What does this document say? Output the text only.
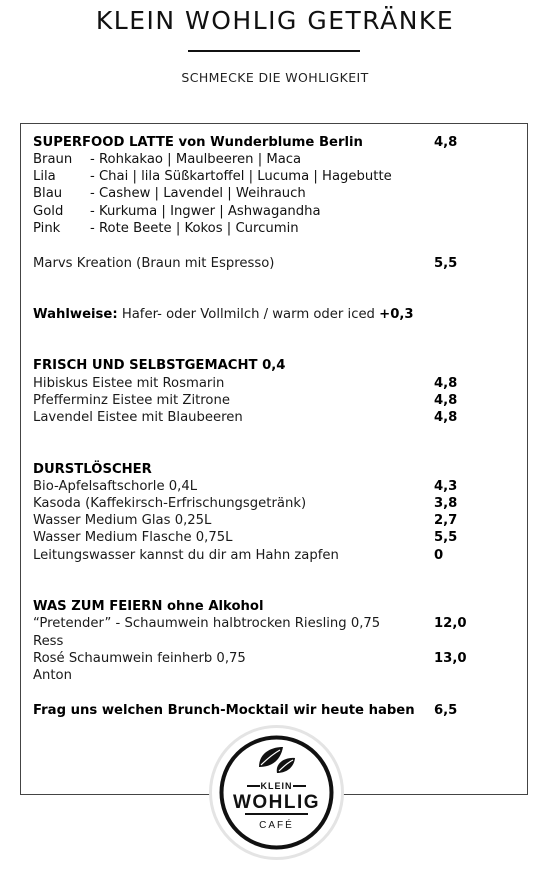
KLEIN WOHLIG GETRÄNKE
SCHMECKE DIE WOHLIGKEIT
SUPERFOOD LATTE von Wunderblume Berlin	4,8
Braun - Rohkakao | Maulbeeren | Maca
Lila	- Chai | lila Süßkartoffel | Lucuma | Hagebutte
Blau - Cashew | Lavendel | Weihrauch
Gold - Kurkuma | Ingwer | Ashwagandha
Pink - Rote Beete | Kokos | Curcumin
Marvs Kreation (Braun mit Espresso)	5,5
Wahlweise: Hafer- oder Vollmilch / warm oder iced +0,3
FRISCH UND SELBSTGEMACHT 0,4
Hibiskus Eistee mit Rosmarin	4,8
Pfefferminz Eistee mit Zitrone	4,8
Lavendel Eistee mit Blaubeeren	4,8
DURSTLÖSCHER
Bio-Apfelsaftschorle 0,4L	4,3
Kasoda (Kaffekirsch-Erfrischungsgetränk)	3,8
Wasser Medium Glas 0,25L	2,7
Wasser Medium Flasche 0,75L	5,5
Leitungswasser kannst du dir am Hahn zapfen	0
WAS ZUM FEIERN ohne Alkohol
“Pretender” - Schaumwein halbtrocken Riesling 0,75	12,0
Ress
Rosé Schaumwein feinherb 0,75	13,0
Anton
Frag uns welchen Brunch-Mocktail wir heute haben 6,5
KLEIN
WOHLIG
CAFÉ
